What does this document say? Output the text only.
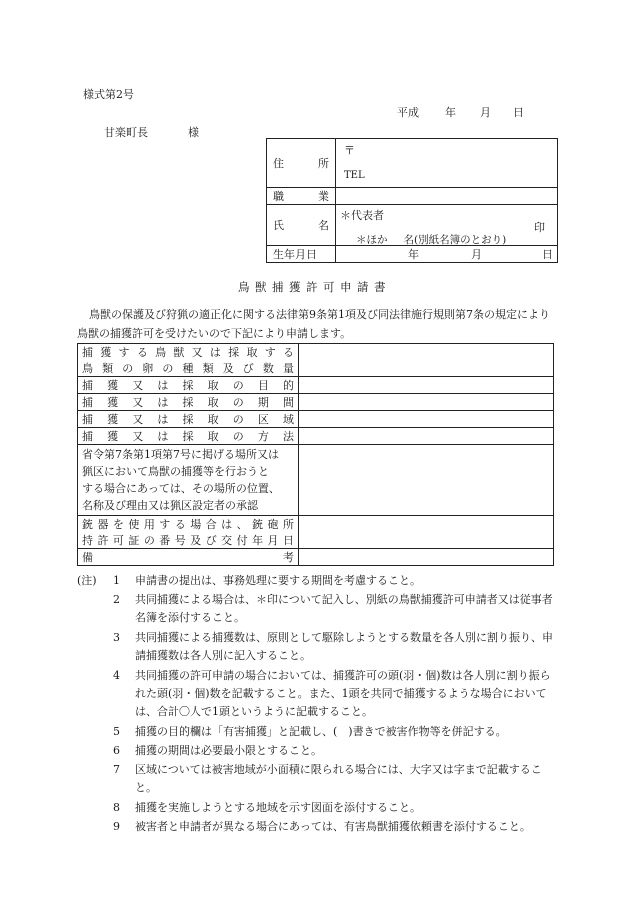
様式第2号
平成 年 月 日
甘楽町長	様
住　所	〒
TEL

職　業	
氏　名	＊代表者
印
＊ほか 名(別紙名簿のとおり)

生年月日	年 月 日
鳥獣捕獲許可申請書
鳥獣の保護及び狩猟の適正化に関する法律第9条第1項及び同法律施行規則第7条の規定により鳥獣の捕獲許可を受けたいので下記により申請します。
捕獲する鳥獣又は採取する
鳥類の卵の種類及び数量	

捕獲又は採取の目的	

捕獲又は採取の期間	

捕獲又は採取の区域	

捕獲又は採取の方法	

省令第7条第1項第7号に掲げる場所又は
猟区において鳥獣の捕獲等を行おうと
する場合にあっては、その場所の位置、
名称及び理由又は猟区設定者の承認	

銃器を使用する場合は、銃砲所
持許可証の番号及び交付年月日	

備　考	

(注) 1 申請書の提出は、事務処理に要する期間を考慮すること。
2 共同捕獲による場合は、＊印について記入し、別紙の鳥獣捕獲許可申請者又は従事者名簿を添付すること。
3 共同捕獲による捕獲数は、原則として駆除しようとする数量を各人別に割り振り、申請捕獲数は各人別に記入すること。
4 共同捕獲の許可申請の場合においては、捕獲許可の頭(羽・個)数は各人別に割り振られた頭(羽・個)数を記載すること。また、1頭を共同で捕獲するような場合においては、合計〇人で1頭というように記載すること。
5 捕獲の目的欄は「有害捕獲」と記載し、(　)書きで被害作物等を併記する。
6 捕獲の期間は必要最小限とすること。
7 区域については被害地域が小面積に限られる場合には、大字又は字まで記載すること。
8 捕獲を実施しようとする地域を示す図面を添付すること。
9 被害者と申請者が異なる場合にあっては、有害鳥獣捕獲依頼書を添付すること。
